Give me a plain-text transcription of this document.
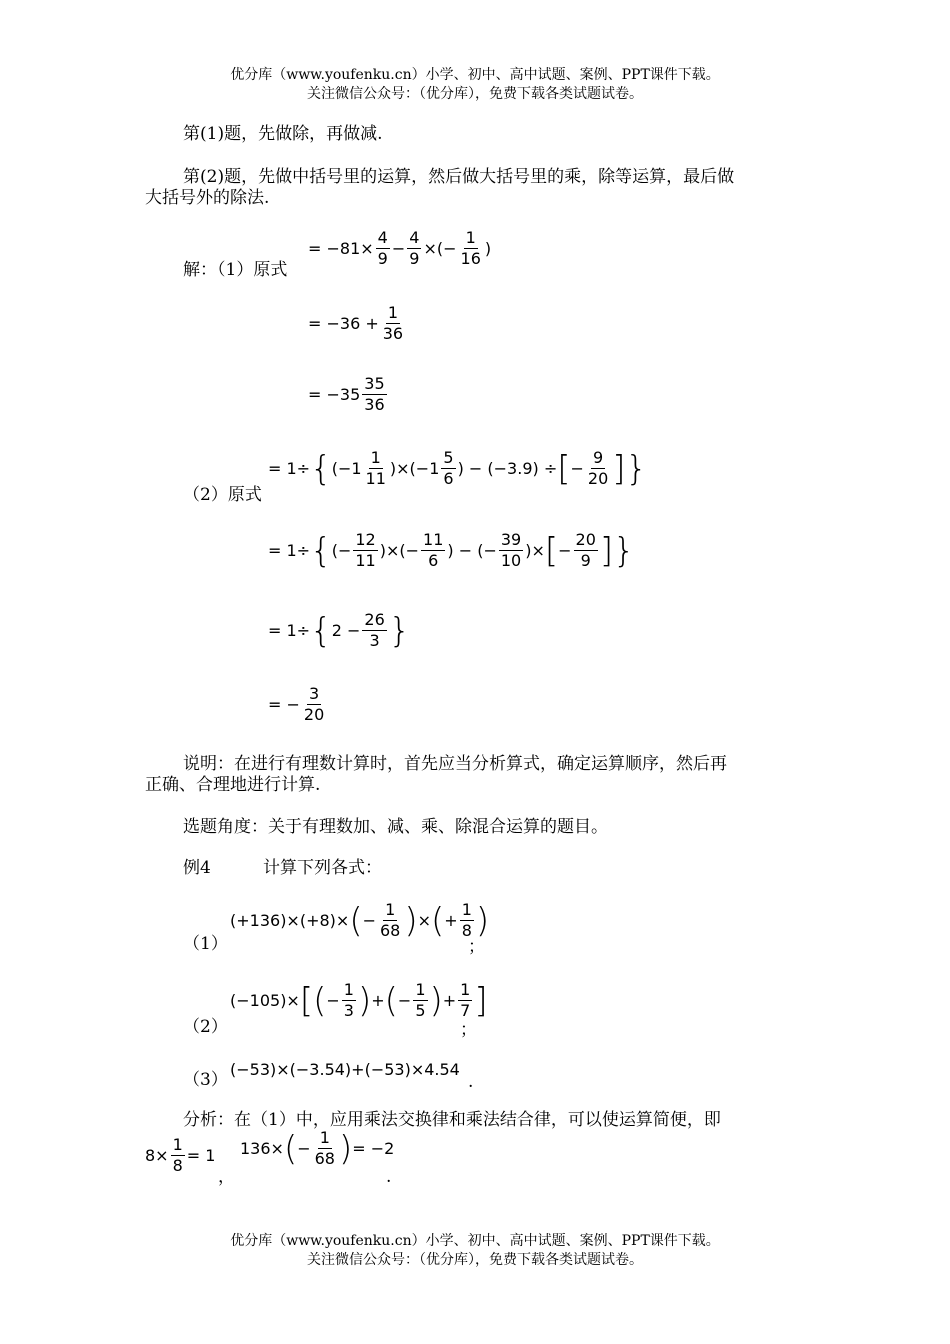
优分库（www.youfenku.cn）小学、初中、高中试题、案例、PPT课件下载。
关注微信公众号：（优分库），免费下载各类试题试卷。
第(1)题，先做除，再做减.
第(2)题，先做中括号里的运算，然后做大括号里的乘，除等运算，最后做
大括号外的除法.
解：（1）原式
= $-81\times \frac{4}{9} - \frac{4}{9}$ ×(− $\frac{1}{16}$ )
= $-36 + \frac{1}{36}$
= $-35 \frac{35}{36}$
（2）原式
= 1÷ { $(-1 \frac{1}{11} )\times(-1 \frac{5}{6}$ ) − (−3.9) ÷ [ − $\frac{9}{20}$ ] }
= 1÷ { (− $\frac{12}{11}$ )×(− $\frac{11}{6}$ ) − (− $\frac{39}{10}$ )× [ − $\frac{20}{9}$ ] }
= 1÷ { $2 - \frac{26}{3}$ }
= − $\frac{3}{20}$
说明：在进行有理数计算时，首先应当分析算式，确定运算顺序，然后再
正确、合理地进行计算.
选题角度：关于有理数加、减、乘、除混合运算的题目。
例4	计算下列各式：
（1）
(+136)×(+8)× ( − $\frac{1}{68}$ ) × ( + $\frac{1}{8}$ )
；
（2）
(−105)× [ ( − $\frac{1}{3}$ ) + ( − $\frac{1}{5}$ ) + $\frac{1}{7}$ ]
；
（3）
(−53)×(−3.54)+(−53)×4.54
.
分析：在（1）中，应用乘法交换律和乘法结合律，可以使运算简便，即
$8\times \frac{1}{8} = 1$
，
136× ( − $\frac{1}{68}$ ) = −2
.
优分库（www.youfenku.cn）小学、初中、高中试题、案例、PPT课件下载。
关注微信公众号：（优分库），免费下载各类试题试卷。
